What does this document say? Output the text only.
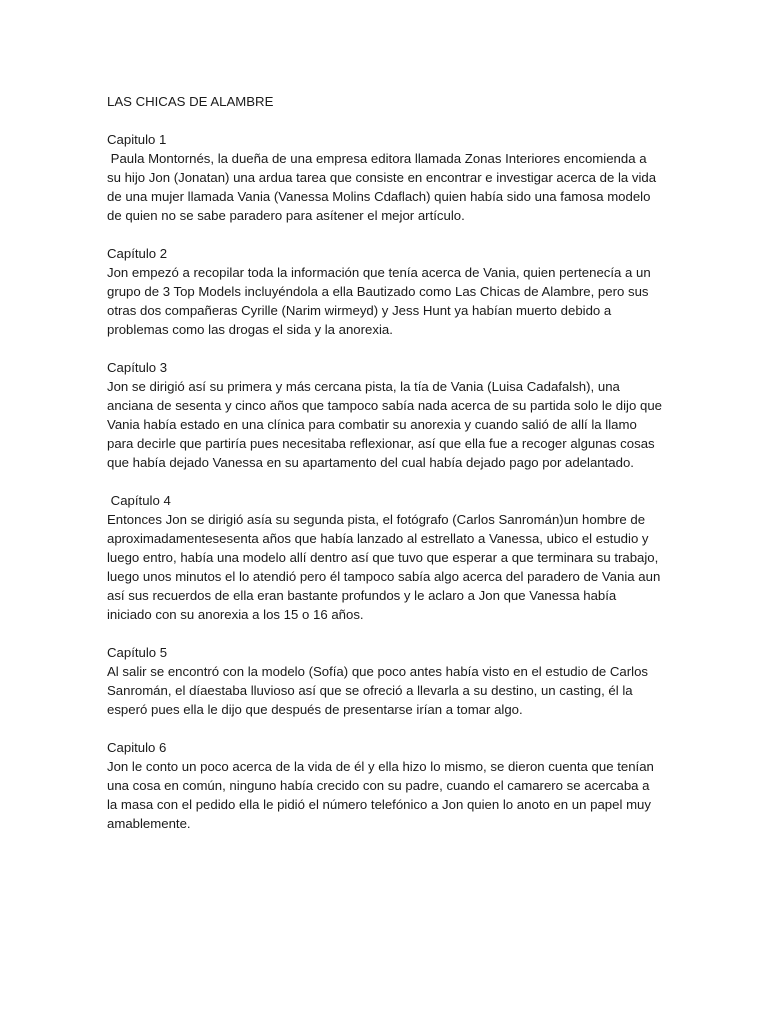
LAS CHICAS DE ALAMBRE
Capitulo 1
Paula Montornés, la dueña de una empresa editora llamada Zonas Interiores encomienda a su hijo Jon (Jonatan) una ardua tarea que consiste en encontrar e investigar acerca de la vida de una mujer llamada Vania (Vanessa Molins Cdaflach) quien había sido una famosa modelo de quien no se sabe paradero para asítener el mejor artículo.
Capítulo 2
Jon empezó a recopilar toda la información que tenía acerca de Vania, quien pertenecía a un grupo de 3 Top Models incluyéndola a ella Bautizado como Las Chicas de Alambre, pero sus otras dos compañeras Cyrille (Narim wirmeyd) y Jess Hunt ya habían muerto debido a problemas como las drogas el sida y la anorexia.
Capítulo 3
Jon se dirigió así su primera y más cercana pista, la tía de Vania (Luisa Cadafalsh), una anciana de sesenta y cinco años que tampoco sabía nada acerca de su partida solo le dijo que Vania había estado en una clínica para combatir su anorexia y cuando salió de allí la llamo para decirle que partiría pues necesitaba reflexionar, así que ella fue a recoger algunas cosas que había dejado Vanessa en su apartamento del cual había dejado pago por adelantado.
Capítulo 4
Entonces Jon se dirigió asía su segunda pista, el fotógrafo (Carlos Sanromán)un hombre de aproximadamentesesenta años que había lanzado al estrellato a Vanessa, ubico el estudio y luego entro, había una modelo allí dentro así que tuvo que esperar a que terminara su trabajo, luego unos minutos el lo atendió pero él tampoco sabía algo acerca del paradero de Vania aun así sus recuerdos de ella eran bastante profundos y le aclaro a Jon que Vanessa había iniciado con su anorexia a los 15 o 16 años.
Capítulo 5
Al salir se encontró con la modelo (Sofía) que poco antes había visto en el estudio de Carlos Sanromán, el díaestaba lluvioso así que se ofreció a llevarla a su destino, un casting, él la esperó pues ella le dijo que después de presentarse irían a tomar algo.
Capitulo 6
Jon le conto un poco acerca de la vida de él y ella hizo lo mismo, se dieron cuenta que tenían una cosa en común, ninguno había crecido con su padre, cuando el camarero se acercaba a la masa con el pedido ella le pidió el número telefónico a Jon quien lo anoto en un papel muy amablemente.
